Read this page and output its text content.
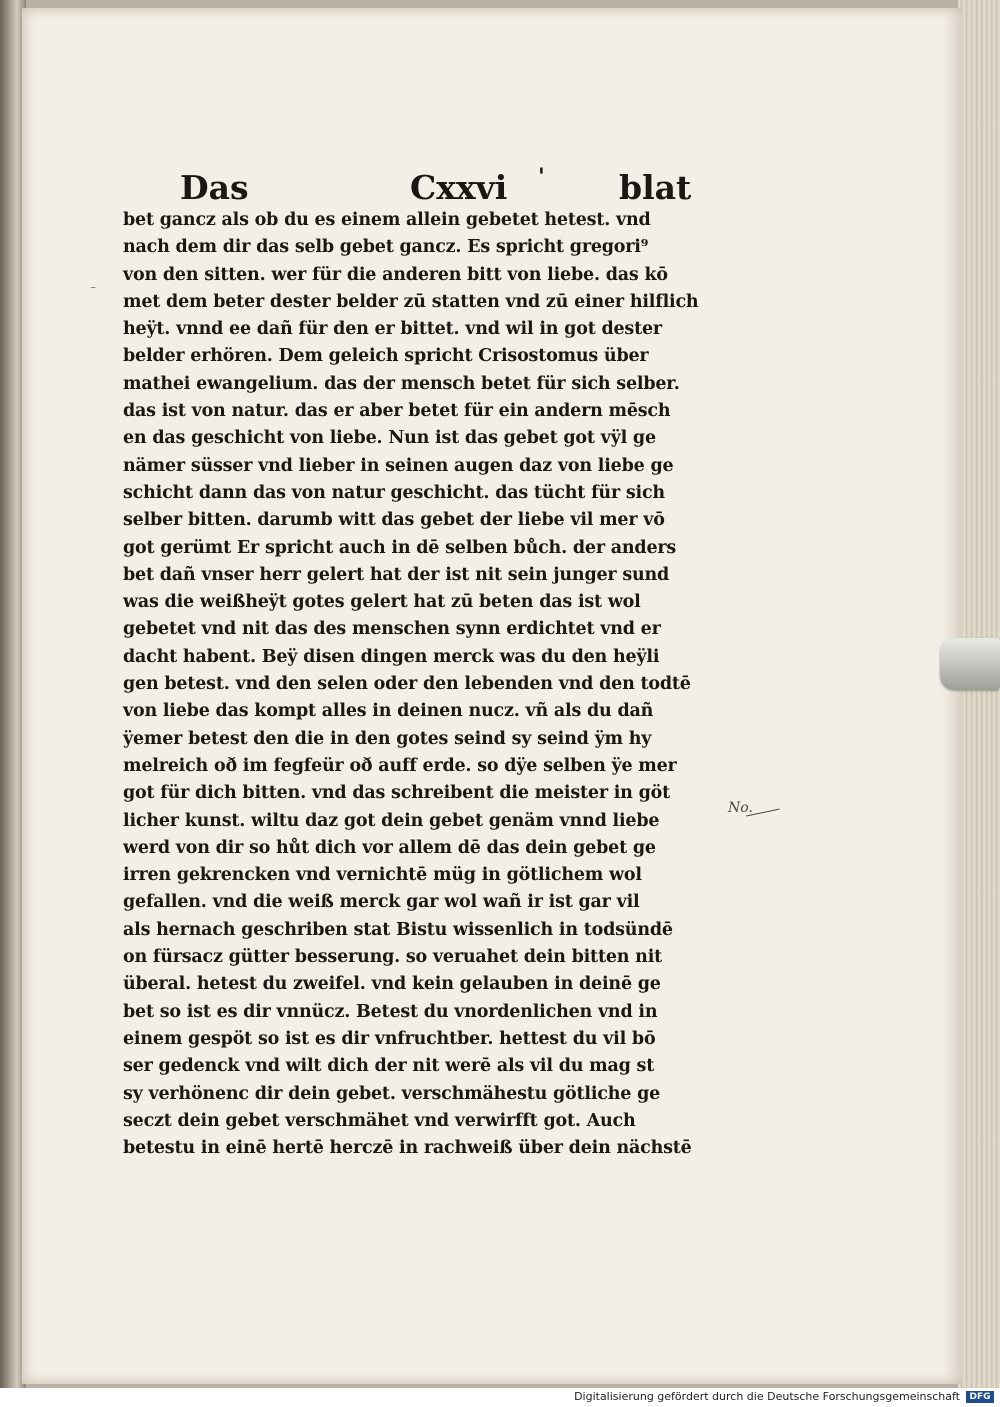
Das	Cxxvi ' blat
⁻
bet gancz als ob du es einem allein gebetet hetest. vnd
nach dem dir das selb gebet gancz. Es spricht gregori⁹
von den sitten. wer für die anderen bitt von liebe. das kō
met dem beter dester belder zū statten vnd zū einer hilflich
heÿt. vnnd ee dañ für den er bittet. vnd wil in got dester
belder erhören. Dem geleich spricht Crisostomus über
mathei ewangelium. das der mensch betet für sich selber.
das ist von natur. das er aber betet für ein andern mēsch
en das geschicht von liebe. Nun ist das gebet got vÿl ge
nämer süsser vnd lieber in seinen augen daz von liebe ge
schicht dann das von natur geschicht. das tücht für sich
selber bitten. darumb witt das gebet der liebe vil mer vō
got gerümt Er spricht auch in dē selben bůch. der anders
bet dañ vnser herr gelert hat der ist nit sein junger sund
was die weißheÿt gotes gelert hat zū beten das ist wol
gebetet vnd nit das des menschen synn erdichtet vnd er
dacht habent. Beÿ disen dingen merck was du den heÿli
gen betest. vnd den selen oder den lebenden vnd den todtē
von liebe das kompt alles in deinen nucz. vñ als du dañ
ÿemer betest den die in den gotes seind sy seind ÿm hy
melreich oð im fegfeür oð auff erde. so dÿe selben ÿe mer
got für dich bitten. vnd das schreibent die meister in göt
licher kunst. wiltu daz got dein gebet genäm vnnd liebe
werd von dir so hůt dich vor allem dē das dein gebet ge
irren gekrencken vnd vernichtē müg in götlichem wol
gefallen. vnd die weiß merck gar wol wañ ir ist gar vil
als hernach geschriben stat Bistu wissenlich in todsündē
on fürsacz gütter besserung. so veruahet dein bitten nit
überal. hetest du zweifel. vnd kein gelauben in deinē ge
bet so ist es dir vnnücz. Betest du vnordenlichen vnd in
einem gespöt so ist es dir vnfruchtber. hettest du vil bō
ser gedenck vnd wilt dich der nit werē als vil du mag st
sy verhönenc dir dein gebet. verschmähestu götliche ge
seczt dein gebet verschmähet vnd verwirfft got. Auch
betestu in einē hertē herczē in rachweiß über dein nächstē
No.
Digitalisierung gefördert durch die Deutsche Forschungsgemeinschaft	DFG
